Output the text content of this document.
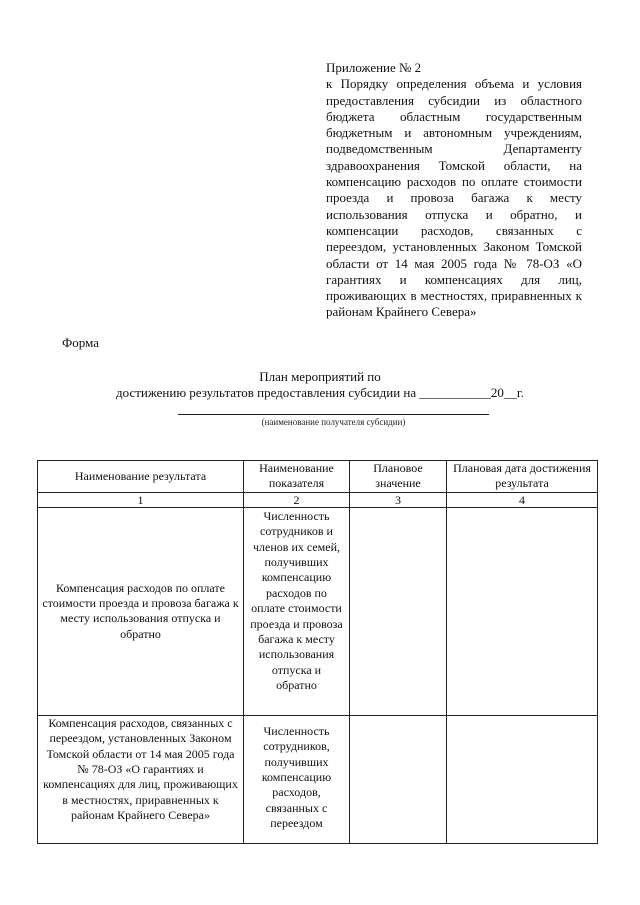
Приложение № 2
к Порядку определения объема и условия предоставления субсидии из областного бюджета областным государственным бюджетным и автономным учреждениям, подведомственным Департаменту здравоохранения Томской области, на компенсацию расходов по оплате стоимости проезда и провоза багажа к месту использования отпуска и обратно, и компенсации расходов, связанных с переездом, установленных Законом Томской области от 14 мая 2005 года № 78-ОЗ «О гарантиях и компенсациях для лиц, проживающих в местностях, приравненных к районам Крайнего Севера»
Форма
План мероприятий по
достижению результатов предоставления субсидии на ___________20__г.
(наименование получателя субсидии)
Наименование результата	Наименование показателя	Плановое значение	Плановая дата достижения результата
1	2	3	4
Компенсация расходов по оплате стоимости проезда и провоза багажа к месту использования отпуска и обратно	Численность сотрудников и членов их семей, получивших компенсацию расходов по оплате стоимости проезда и провоза багажа к месту использования отпуска и обратно		
Компенсация расходов, связанных с переездом, установленных Законом Томской области от 14 мая 2005 года № 78-ОЗ «О гарантиях и компенсациях для лиц, проживающих в местностях, приравненных к районам Крайнего Севера»	Численность сотрудников, получивших компенсацию расходов, связанных с переездом		
